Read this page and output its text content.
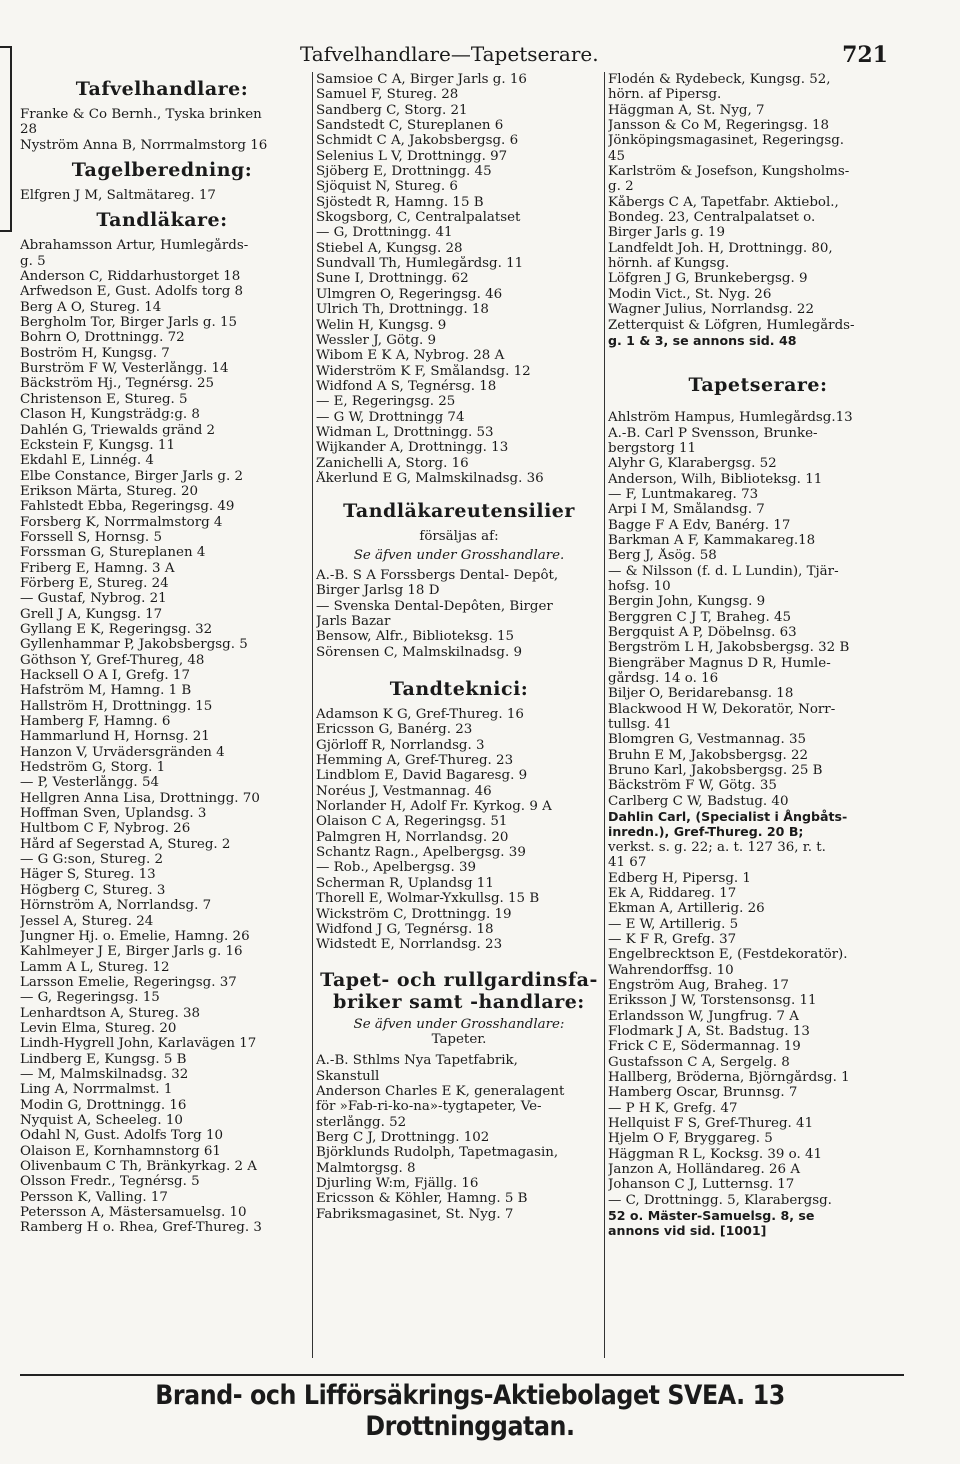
Tafvelhandlare—Tapetserare.	721
Tafvelhandlare:
Franke & Co Bernh., Tyska brinken
28
Nyström Anna B, Norrmalmstorg 16
Tagelberedning:
Elfgren J M, Saltmätareg. 17
Tandläkare:
Abrahamsson Artur, Humlegårds-
g. 5
Anderson C, Riddarhustorget 18
Arfwedson E, Gust. Adolfs torg 8
Berg A O, Stureg. 14
Bergholm Tor, Birger Jarls g. 15
Bohrn O, Drottningg. 72
Boström H, Kungsg. 7
Burström F W, Vesterlångg. 14
Bäckström Hj., Tegnérsg. 25
Christenson E, Stureg. 5
Clason H, Kungsträdg:g. 8
Dahlén G, Triewalds gränd 2
Eckstein F, Kungsg. 11
Ekdahl E, Linnég. 4
Elbe Constance, Birger Jarls g. 2
Erikson Märta, Stureg. 20
Fahlstedt Ebba, Regeringsg. 49
Forsberg K, Norrmalmstorg 4
Forssell S, Hornsg. 5
Forssman G, Stureplanen 4
Friberg E, Hamng. 3 A
Förberg E, Stureg. 24
— Gustaf, Nybrog. 21
Grell J A, Kungsg. 17
Gyllang E K, Regeringsg. 32
Gyllenhammar P, Jakobsbergsg. 5
Göthson Y, Gref-Thureg, 48
Hacksell O A I, Grefg. 17
Hafström M, Hamng. 1 B
Hallström H, Drottningg. 15
Hamberg F, Hamng. 6
Hammarlund H, Hornsg. 21
Hanzon V, Urvädersgränden 4
Hedström G, Storg. 1
— P, Vesterlångg. 54
Hellgren Anna Lisa, Drottningg. 70
Hoffman Sven, Uplandsg. 3
Hultbom C F, Nybrog. 26
Hård af Segerstad A, Stureg. 2
— G G:son, Stureg. 2
Häger S, Stureg. 13
Högberg C, Stureg. 3
Hörnström A, Norrlandsg. 7
Jessel A, Stureg. 24
Jungner Hj. o. Emelie, Hamng. 26
Kahlmeyer J E, Birger Jarls g. 16
Lamm A L, Stureg. 12
Larsson Emelie, Regeringsg. 37
— G, Regeringsg. 15
Lenhardtson A, Stureg. 38
Levin Elma, Stureg. 20
Lindh-Hygrell John, Karlavägen 17
Lindberg E, Kungsg. 5 B
— M, Malmskilnadsg. 32
Ling A, Norrmalmst. 1
Modin G, Drottningg. 16
Nyquist A, Scheeleg. 10
Odahl N, Gust. Adolfs Torg 10
Olaison E, Kornhamnstorg 61
Olivenbaum C Th, Bränkyrkag. 2 A
Olsson Fredr., Tegnérsg. 5
Persson K, Valling. 17
Petersson A, Mästersamuelsg. 10
Ramberg H o. Rhea, Gref-Thureg. 3
Samsioe C A, Birger Jarls g. 16
Samuel F, Stureg. 28
Sandberg C, Storg. 21
Sandstedt C, Stureplanen 6
Schmidt C A, Jakobsbergsg. 6
Selenius L V, Drottningg. 97
Sjöberg E, Drottningg. 45
Sjöquist N, Stureg. 6
Sjöstedt R, Hamng. 15 B
Skogsborg, C, Centralpalatset
— G, Drottningg. 41
Stiebel A, Kungsg. 28
Sundvall Th, Humlegårdsg. 11
Sune I, Drottningg. 62
Ulmgren O, Regeringsg. 46
Ulrich Th, Drottningg. 18
Welin H, Kungsg. 9
Wessler J, Götg. 9
Wibom E K A, Nybrog. 28 A
Widerström K F, Smålandsg. 12
Widfond A S, Tegnérsg. 18
— E, Regeringsg. 25
— G W, Drottningg 74
Widman L, Drottningg. 53
Wijkander A, Drottningg. 13
Zanichelli A, Storg. 16
Åkerlund E G, Malmskilnadsg. 36
Tandläkareutensilier
försäljas af:
Se äfven under Grosshandlare.
A.-B. S A Forssbergs Dental- Depôt,
Birger Jarlsg 18 D
— Svenska Dental-Depôten, Birger
Jarls Bazar
Bensow, Alfr., Biblioteksg. 15
Sörensen C, Malmskilnadsg. 9
Tandteknici:
Adamson K G, Gref-Thureg. 16
Ericsson G, Banérg. 23
Gjörloff R, Norrlandsg. 3
Hemming A, Gref-Thureg. 23
Lindblom E, David Bagaresg. 9
Noréus J, Vestmannag. 46
Norlander H, Adolf Fr. Kyrkog. 9 A
Olaison C A, Regeringsg. 51
Palmgren H, Norrlandsg. 20
Schantz Ragn., Apelbergsg. 39
— Rob., Apelbergsg. 39
Scherman R, Uplandsg 11
Thorell E, Wolmar-Yxkullsg. 15 B
Wickström C, Drottningg. 19
Widfond J G, Tegnérsg. 18
Widstedt E, Norrlandsg. 23
Tapet- och rullgardinsfa-
briker samt -handlare:
Se äfven under Grosshandlare:
Tapeter.
A.-B. Sthlms Nya Tapetfabrik,
Skanstull
Anderson Charles E K, generalagent
för »Fab-ri-ko-na»-tygtapeter, Ve-
sterlångg. 52
Berg C J, Drottningg. 102
Björklunds Rudolph, Tapetmagasin,
Malmtorgsg. 8
Djurling W:m, Fjällg. 16
Ericsson & Köhler, Hamng. 5 B
Fabriksmagasinet, St. Nyg. 7
Flodén & Rydebeck, Kungsg. 52,
hörn. af Pipersg.
Häggman A, St. Nyg, 7
Jansson & Co M, Regeringsg. 18
Jönköpingsmagasinet, Regeringsg.
45
Karlström & Josefson, Kungsholms-
g. 2
Kåbergs C A, Tapetfabr. Aktiebol.,
Bondeg. 23, Centralpalatset o.
Birger Jarls g. 19
Landfeldt Joh. H, Drottningg. 80,
hörnh. af Kungsg.
Löfgren J G, Brunkebergsg. 9
Modin Vict., St. Nyg. 26
Wagner Julius, Norrlandsg. 22
Zetterquist & Löfgren, Humlegårds-
g. 1 & 3, se annons sid. 48
Tapetserare:
Ahlström Hampus, Humlegårdsg.13
A.-B. Carl P Svensson, Brunke-
bergstorg 11
Alyhr G, Klarabergsg. 52
Anderson, Wilh, Biblioteksg. 11
— F, Luntmakareg. 73
Arpi I M, Smålandsg. 7
Bagge F A Edv, Banérg. 17
Barkman A F, Kammakareg.18
Berg J, Åsög. 58
— & Nilsson (f. d. L Lundin), Tjär-
hofsg. 10
Bergin John, Kungsg. 9
Berggren C J T, Braheg. 45
Bergquist A P, Döbelnsg. 63
Bergström L H, Jakobsbergsg. 32 B
Biengräber Magnus D R, Humle-
gårdsg. 14 o. 16
Biljer O, Beridarebansg. 18
Blackwood H W, Dekoratör, Norr-
tullsg. 41
Blomgren G, Vestmannag. 35
Bruhn E M, Jakobsbergsg. 22
Bruno Karl, Jakobsbergsg. 25 B
Bäckström F W, Götg. 35
Carlberg C W, Badstug. 40
Dahlin Carl, (Specialist i Ångbåts-
inredn.), Gref-Thureg. 20 B;
verkst. s. g. 22; a. t. 127 36, r. t.
41 67
Edberg H, Pipersg. 1
Ek A, Riddareg. 17
Ekman A, Artillerig. 26
— E W, Artillerig. 5
— K F R, Grefg. 37
Engelbrecktson E, (Festdekoratör).
Wahrendorffsg. 10
Engström Aug, Braheg. 17
Eriksson J W, Torstensonsg. 11
Erlandsson W, Jungfrug. 7 A
Flodmark J A, St. Badstug. 13
Frick C E, Södermannag. 19
Gustafsson C A, Sergelg. 8
Hallberg, Bröderna, Björngårdsg. 1
Hamberg Oscar, Brunnsg. 7
— P H K, Grefg. 47
Hellquist F S, Gref-Thureg. 41
Hjelm O F, Bryggareg. 5
Häggman R L, Kocksg. 39 o. 41
Janzon A, Holländareg. 26 A
Johanson C J, Lutternsg. 17
— C, Drottningg. 5, Klarabergsg.
52 o. Mäster-Samuelsg. 8, se
annons vid sid. [1001]
Brand- och Lifförsäkrings-Aktiebolaget SVEA. 13 Drottninggatan.
